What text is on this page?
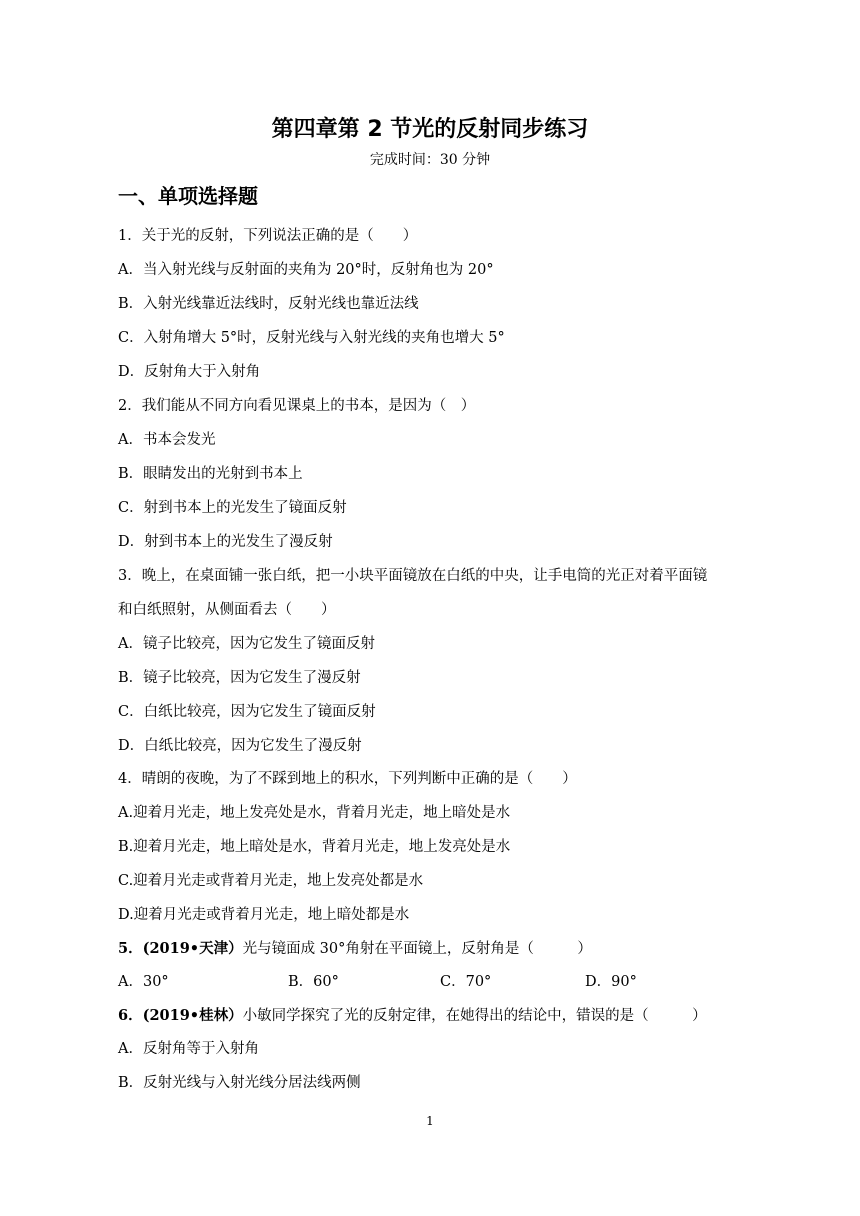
第四章第 2 节光的反射同步练习
完成时间：30 分钟
一、单项选择题
1．关于光的反射，下列说法正确的是（　　）
A．当入射光线与反射面的夹角为 20°时，反射角也为 20°
B．入射光线靠近法线时，反射光线也靠近法线
C．入射角增大 5°时，反射光线与入射光线的夹角也增大 5°
D．反射角大于入射角
2．我们能从不同方向看见课桌上的书本，是因为（　）
A．书本会发光
B．眼睛发出的光射到书本上
C．射到书本上的光发生了镜面反射
D．射到书本上的光发生了漫反射
3．晚上，在桌面铺一张白纸，把一小块平面镜放在白纸的中央，让手电筒的光正对着平面镜
和白纸照射，从侧面看去（　　）
A．镜子比较亮，因为它发生了镜面反射
B．镜子比较亮，因为它发生了漫反射
C．白纸比较亮，因为它发生了镜面反射
D．白纸比较亮，因为它发生了漫反射
4．晴朗的夜晚，为了不踩到地上的积水，下列判断中正确的是（　　）
A.迎着月光走，地上发亮处是水，背着月光走，地上暗处是水
B.迎着月光走，地上暗处是水，背着月光走，地上发亮处是水
C.迎着月光走或背着月光走，地上发亮处都是水
D.迎着月光走或背着月光走，地上暗处都是水
5．(2019•天津）光与镜面成 30°角射在平面镜上，反射角是（　　　）
A．30°	B．60°	C．70°	D．90°
6．(2019•桂林）小敏同学探究了光的反射定律，在她得出的结论中，错误的是（　　　）
A．反射角等于入射角
B．反射光线与入射光线分居法线两侧
1
